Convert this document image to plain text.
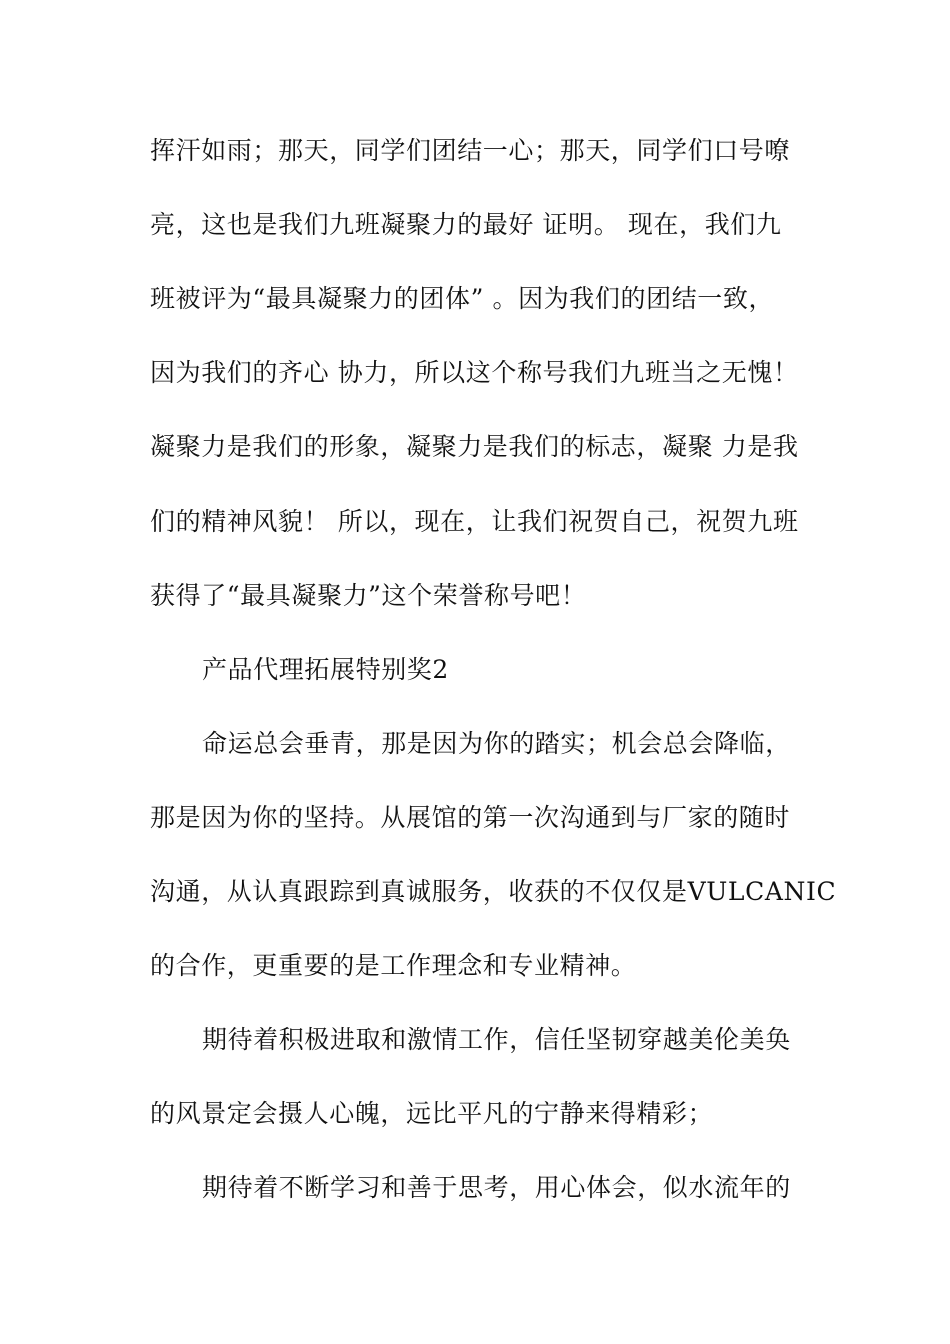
挥汗如雨；那天，同学们团结一心；那天，同学们口号嘹
亮，这也是我们九班凝聚力的最好 证明。 现在，我们九
班被评为“最具凝聚力的团体” 。因为我们的团结一致，
因为我们的齐心 协力，所以这个称号我们九班当之无愧！
凝聚力是我们的形象，凝聚力是我们的标志，凝聚 力是我
们的精神风貌！ 所以，现在，让我们祝贺自己，祝贺九班
获得了“最具凝聚力”这个荣誉称号吧！
产品代理拓展特别奖2
命运总会垂青，那是因为你的踏实；机会总会降临，
那是因为你的坚持。从展馆的第一次沟通到与厂家的随时
沟通，从认真跟踪到真诚服务，收获的不仅仅是VULCANIC
的合作，更重要的是工作理念和专业精神。
期待着积极进取和激情工作，信任坚韧穿越美伦美奂
的风景定会摄人心魄，远比平凡的宁静来得精彩；
期待着不断学习和善于思考，用心体会，似水流年的
